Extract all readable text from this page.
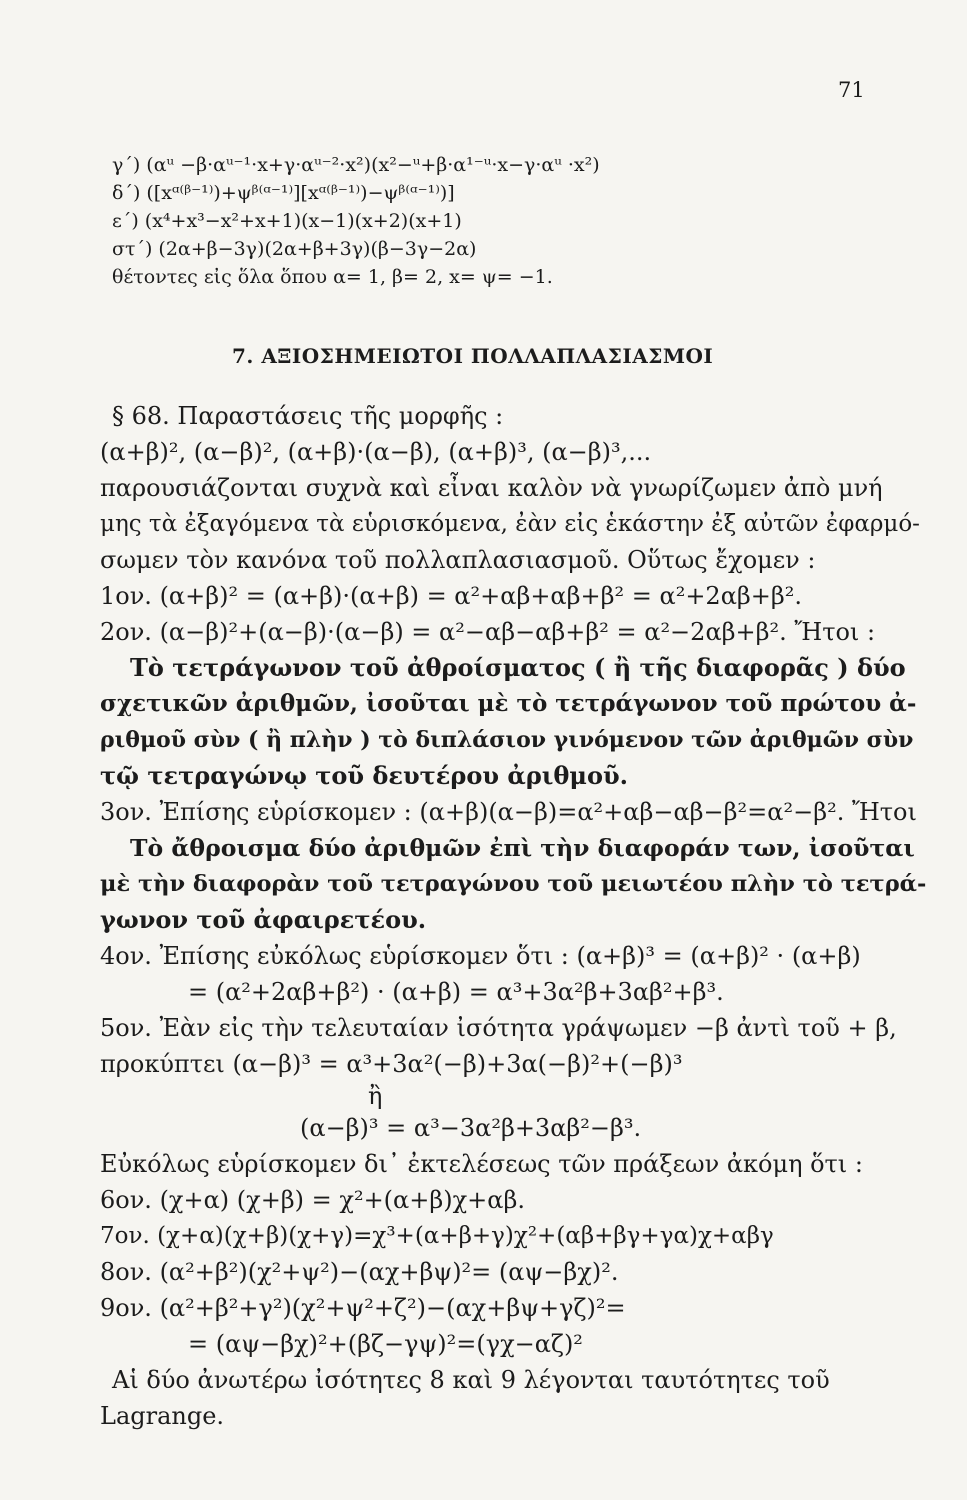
71
γ΄) (αᵘ −β·αᵘ⁻¹·x+γ·αᵘ⁻²·x²)(x²−ᵘ+β·α¹⁻ᵘ·x−γ·αᵘ ·x²)
δ΄) ([xᵅ⁽ᵝ⁻¹⁾)+ψᵝ⁽ᵅ⁻¹⁾][xᵅ⁽ᵝ⁻¹⁾)−ψᵝ⁽ᵅ⁻¹⁾)]
ε΄) (x⁴+x³−x²+x+1)(x−1)(x+2)(x+1)
στ΄) (2α+β−3γ)(2α+β+3γ)(β−3γ−2α)
θέτοντες εἰς ὅλα ὅπου α= 1, β= 2, x= ψ= −1.
7. ΑΞΙΟΣΗΜΕΙΩΤΟΙ ΠΟΛΛΑΠΛΑΣΙΑΣΜΟΙ
§ 68. Παραστάσεις τῆς μορφῆς :
(α+β)², (α−β)², (α+β)·(α−β), (α+β)³, (α−β)³,...
παρουσιάζονται συχνὰ καὶ εἶναι καλὸν νὰ γνωρίζωμεν ἀπὸ μνή
μης τὰ ἐξαγόμενα τὰ εὑρισκόμενα, ἐὰν εἰς ἑκάστην ἐξ αὐτῶν ἐφαρμό-
σωμεν τὸν κανόνα τοῦ πολλαπλασιασμοῦ. Οὕτως ἔχομεν :
1ον. (α+β)² = (α+β)·(α+β) = α²+αβ+αβ+β² = α²+2αβ+β².
2ον. (α−β)²+(α−β)·(α−β) = α²−αβ−αβ+β² = α²−2αβ+β². Ἤτοι :
Τὸ τετράγωνον τοῦ ἀθροίσματος ( ἢ τῆς διαφορᾶς ) δύο
σχετικῶν ἀριθμῶν, ἰσοῦται μὲ τὸ τετράγωνον τοῦ πρώτου ἀ-
ριθμοῦ σὺν ( ἢ πλὴν ) τὸ διπλάσιον γινόμενον τῶν ἀριθμῶν σὺν
τῷ τετραγώνῳ τοῦ δευτέρου ἀριθμοῦ.
3ον. Ἐπίσης εὑρίσκομεν : (α+β)(α−β)=α²+αβ−αβ−β²=α²−β². Ἤτοι
Τὸ ἄθροισμα δύο ἀριθμῶν ἐπὶ τὴν διαφοράν των, ἰσοῦται
μὲ τὴν διαφορὰν τοῦ τετραγώνου τοῦ μειωτέου πλὴν τὸ τετρά-
γωνον τοῦ ἀφαιρετέου.
4ον. Ἐπίσης εὐκόλως εὑρίσκομεν ὅτι : (α+β)³ = (α+β)² · (α+β)
= (α²+2αβ+β²) · (α+β) = α³+3α²β+3αβ²+β³.
5ον. Ἐὰν εἰς τὴν τελευταίαν ἰσότητα γράψωμεν −β ἀντὶ τοῦ + β,
προκύπτει (α−β)³ = α³+3α²(−β)+3α(−β)²+(−β)³
ἢ
(α−β)³ = α³−3α²β+3αβ²−β³.
Εὐκόλως εὑρίσκομεν δι᾽ ἐκτελέσεως τῶν πράξεων ἀκόμη ὅτι :
6ον. (χ+α) (χ+β) = χ²+(α+β)χ+αβ.
7ον. (χ+α)(χ+β)(χ+γ)=χ³+(α+β+γ)χ²+(αβ+βγ+γα)χ+αβγ
8ον. (α²+β²)(χ²+ψ²)−(αχ+βψ)²= (αψ−βχ)².
9ον. (α²+β²+γ²)(χ²+ψ²+ζ²)−(αχ+βψ+γζ)²=
= (αψ−βχ)²+(βζ−γψ)²=(γχ−αζ)²
Αἱ δύο ἀνωτέρω ἰσότητες 8 καὶ 9 λέγονται ταυτότητες τοῦ
Lagrange.
